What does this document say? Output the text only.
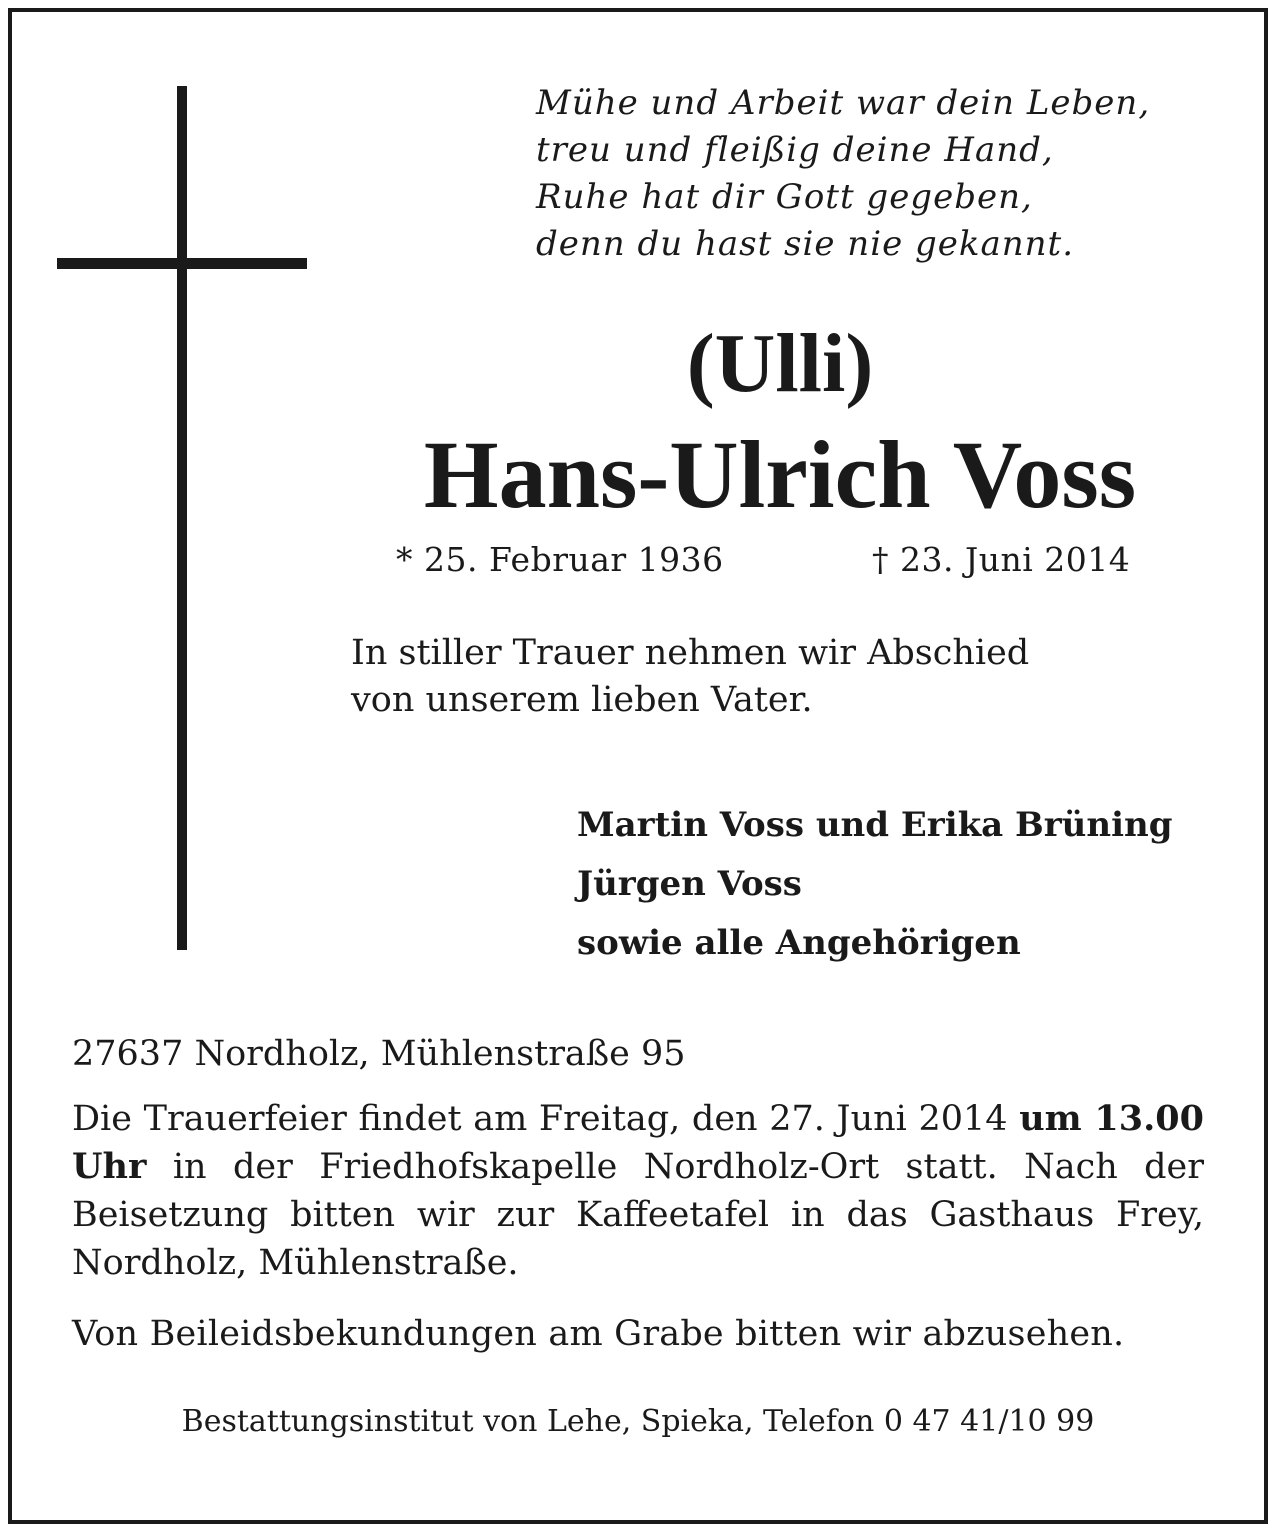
Mühe und Arbeit war dein Leben,
treu und fleißig deine Hand,
Ruhe hat dir Gott gegeben,
denn du hast sie nie gekannt.
(Ulli)
Hans-Ulrich Voss
* 25. Februar 1936	† 23. Juni 2014
In stiller Trauer nehmen wir Abschied
von unserem lieben Vater.
Martin Voss und Erika Brüning
Jürgen Voss
sowie alle Angehörigen
27637 Nordholz, Mühlenstraße 95
Die Trauerfeier findet am Freitag, den 27. Juni 2014 um 13.00 Uhr in der Friedhofskapelle Nordholz-Ort statt. Nach der Beisetzung bitten wir zur Kaffeetafel in das Gasthaus Frey, Nordholz, Mühlenstraße.
Von Beileidsbekundungen am Grabe bitten wir abzusehen.
Bestattungsinstitut von Lehe, Spieka, Telefon 0 47 41/10 99
